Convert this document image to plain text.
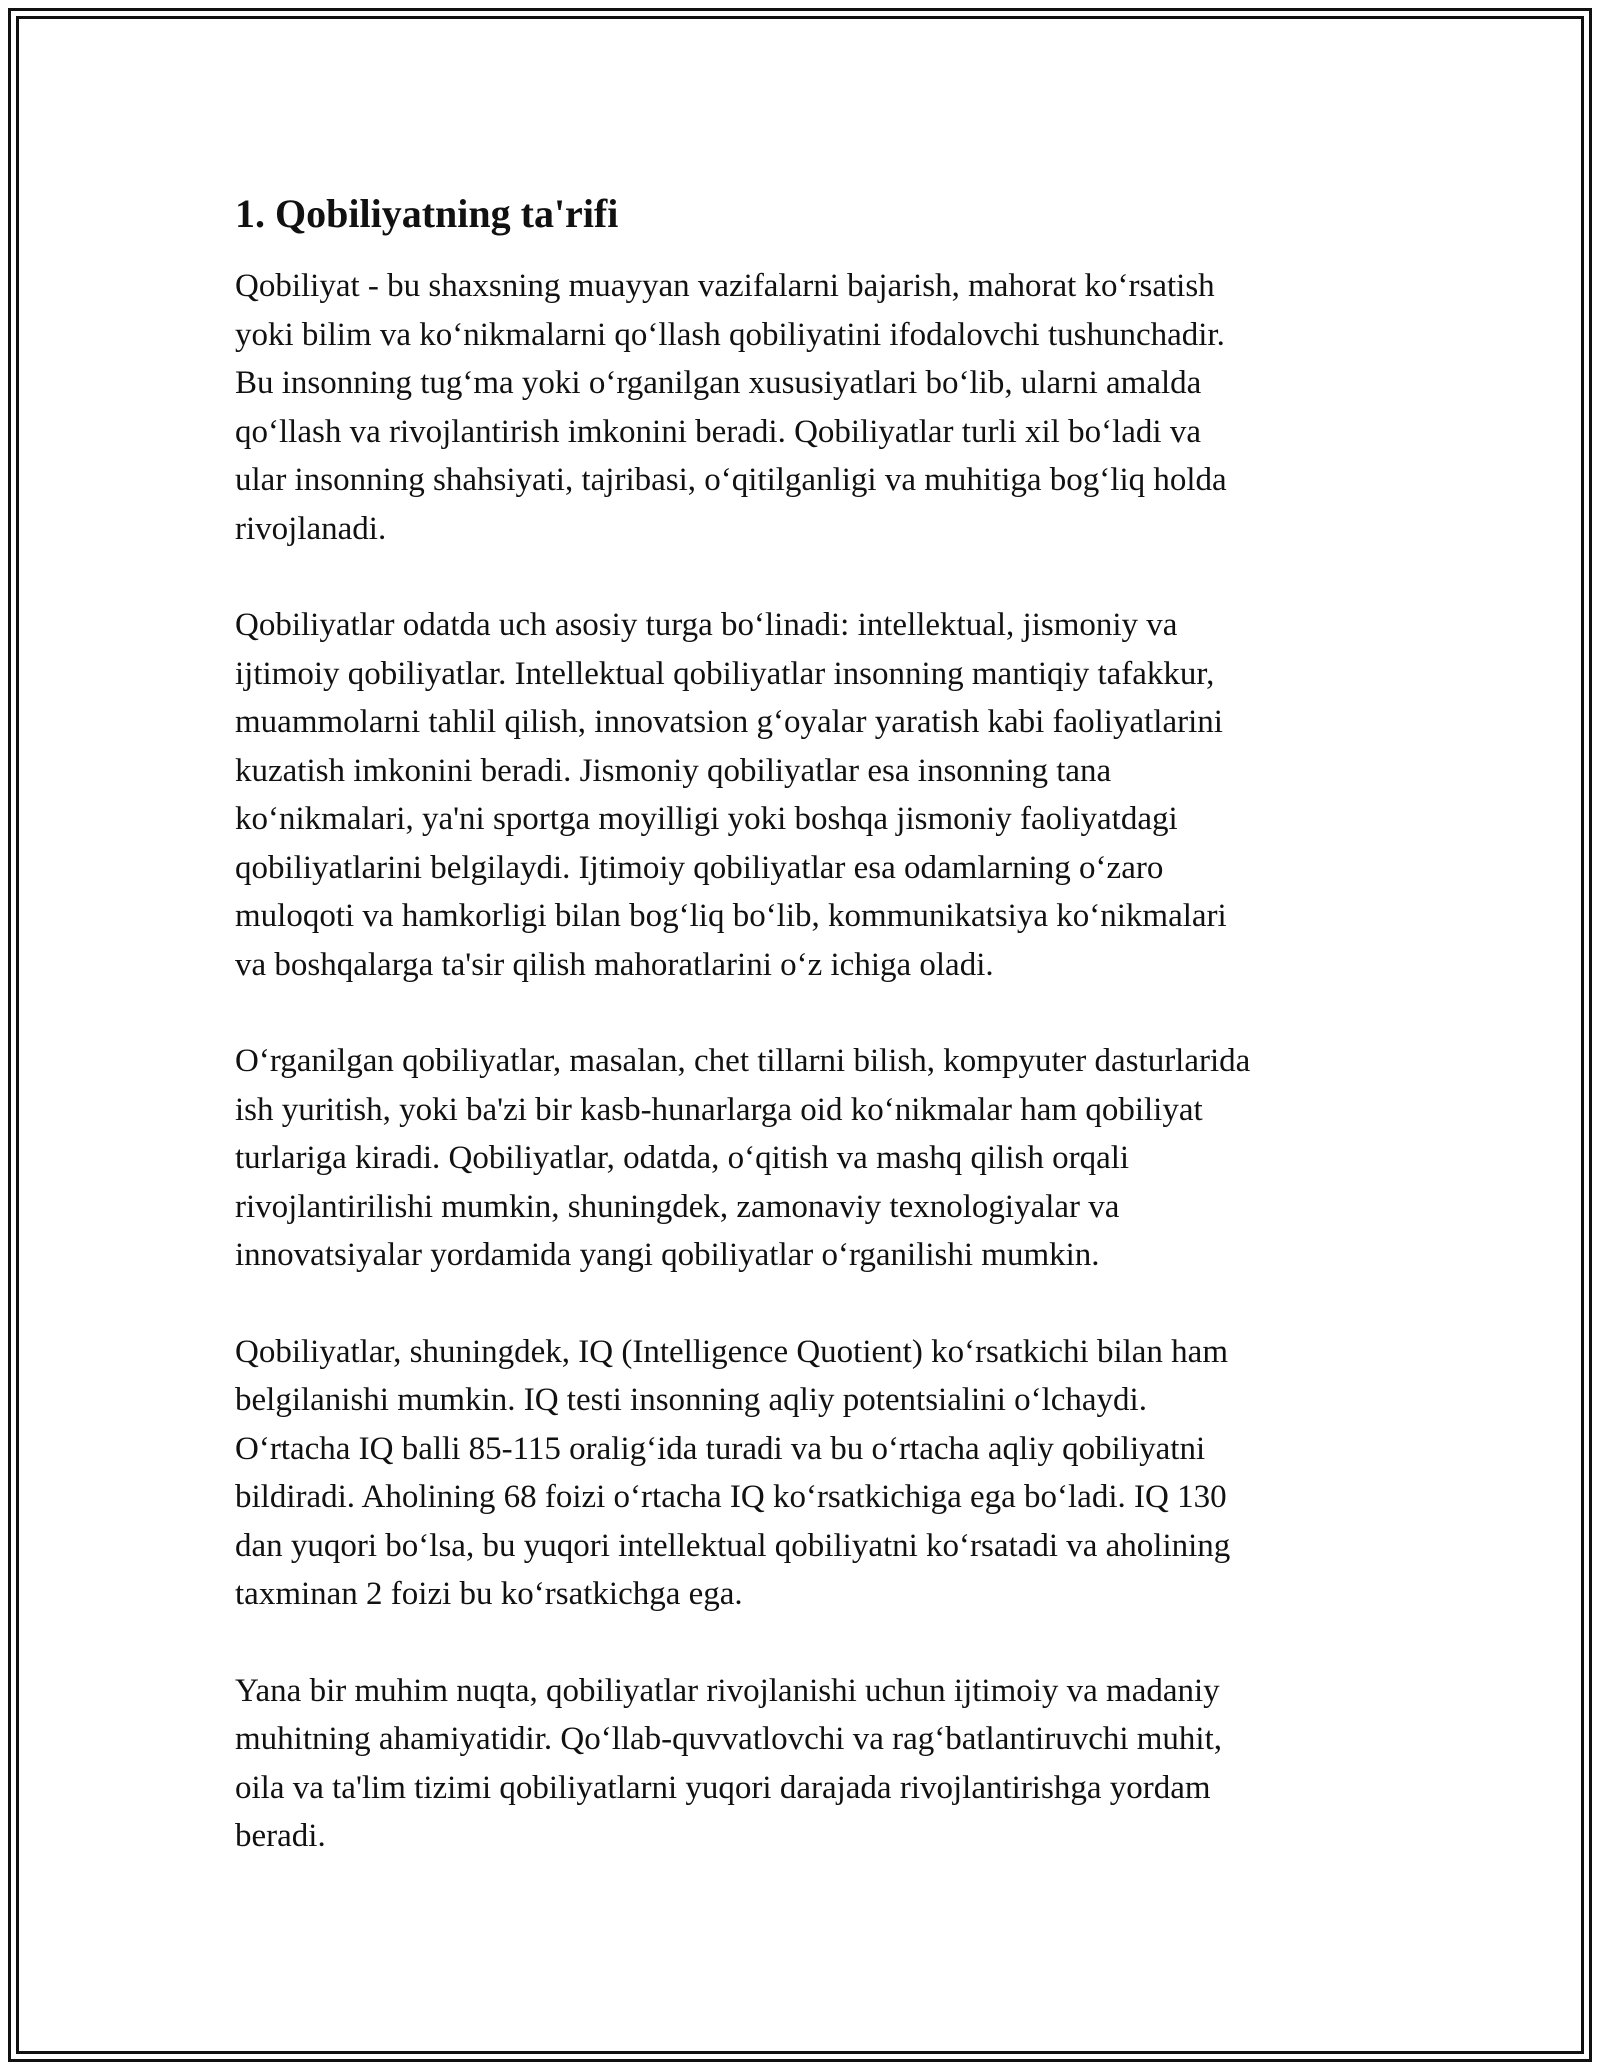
1. Qobiliyatning ta'rifi

Qobiliyat - bu shaxsning muayyan vazifalarni bajarish, mahorat ko‘rsatish
yoki bilim va ko‘nikmalarni qo‘llash qobiliyatini ifodalovchi tushunchadir.
Bu insonning tug‘ma yoki o‘rganilgan xususiyatlari bo‘lib, ularni amalda
qo‘llash va rivojlantirish imkonini beradi. Qobiliyatlar turli xil bo‘ladi va
ular insonning shahsiyati, tajribasi, o‘qitilganligi va muhitiga bog‘liq holda
rivojlanadi.

Qobiliyatlar odatda uch asosiy turga bo‘linadi: intellektual, jismoniy va
ijtimoiy qobiliyatlar. Intellektual qobiliyatlar insonning mantiqiy tafakkur,
muammolarni tahlil qilish, innovatsion g‘oyalar yaratish kabi faoliyatlarini
kuzatish imkonini beradi. Jismoniy qobiliyatlar esa insonning tana
ko‘nikmalari, ya'ni sportga moyilligi yoki boshqa jismoniy faoliyatdagi
qobiliyatlarini belgilaydi. Ijtimoiy qobiliyatlar esa odamlarning o‘zaro
muloqoti va hamkorligi bilan bog‘liq bo‘lib, kommunikatsiya ko‘nikmalari
va boshqalarga ta'sir qilish mahoratlarini o‘z ichiga oladi.

O‘rganilgan qobiliyatlar, masalan, chet tillarni bilish, kompyuter dasturlarida
ish yuritish, yoki ba'zi bir kasb-hunarlarga oid ko‘nikmalar ham qobiliyat
turlariga kiradi. Qobiliyatlar, odatda, o‘qitish va mashq qilish orqali
rivojlantirilishi mumkin, shuningdek, zamonaviy texnologiyalar va
innovatsiyalar yordamida yangi qobiliyatlar o‘rganilishi mumkin.

Qobiliyatlar, shuningdek, IQ (Intelligence Quotient) ko‘rsatkichi bilan ham
belgilanishi mumkin. IQ testi insonning aqliy potentsialini o‘lchaydi.
O‘rtacha IQ balli 85-115 oralig‘ida turadi va bu o‘rtacha aqliy qobiliyatni
bildiradi. Aholining 68 foizi o‘rtacha IQ ko‘rsatkichiga ega bo‘ladi. IQ 130
dan yuqori bo‘lsa, bu yuqori intellektual qobiliyatni ko‘rsatadi va aholining
taxminan 2 foizi bu ko‘rsatkichga ega.

Yana bir muhim nuqta, qobiliyatlar rivojlanishi uchun ijtimoiy va madaniy
muhitning ahamiyatidir. Qo‘llab-quvvatlovchi va rag‘batlantiruvchi muhit,
oila va ta'lim tizimi qobiliyatlarni yuqori darajada rivojlantirishga yordam
beradi.
